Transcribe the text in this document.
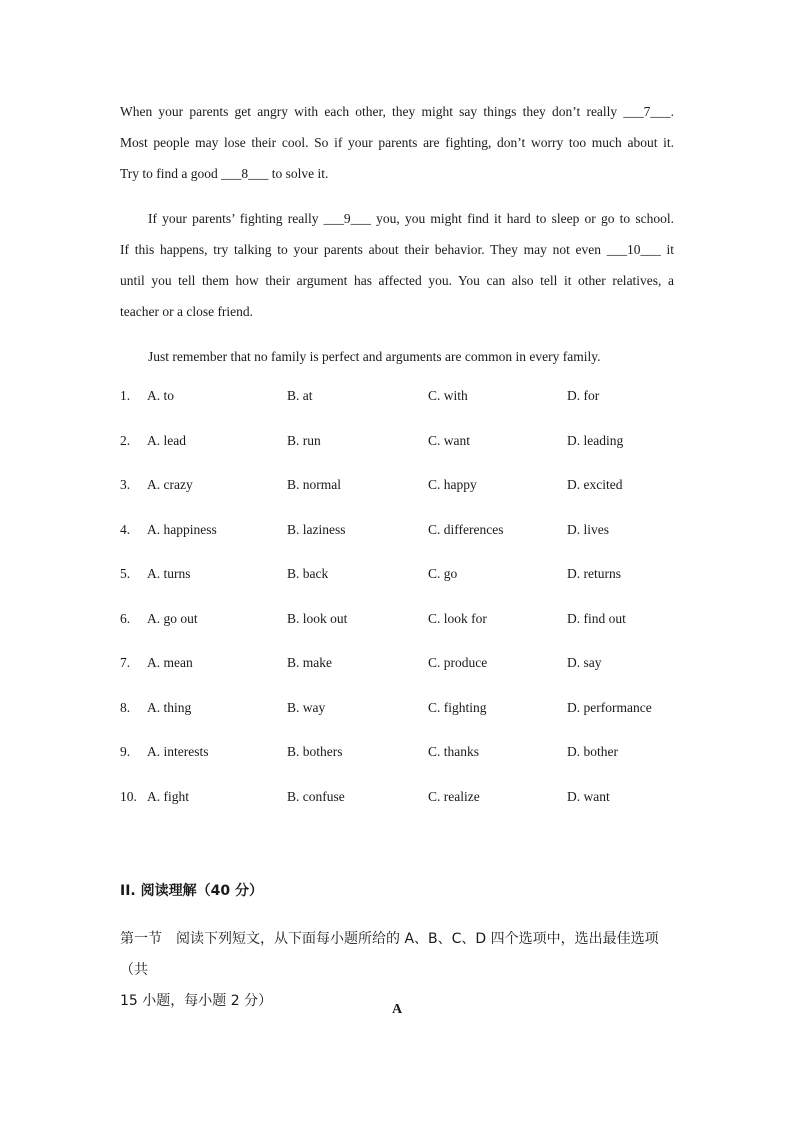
When your parents get angry with each other, they might say things they don’t really ___7___.
Most people may lose their cool. So if your parents are fighting, don’t worry too much about it.
Try to find a good ___8___ to solve it.
If your parents’ fighting really ___9___ you, you might find it hard to sleep or go to school.
If this happens, try talking to your parents about their behavior. They may not even ___10___ it
until you tell them how their argument has affected you. You can also tell it other relatives, a
teacher or a close friend.
Just remember that no family is perfect and arguments are common in every family.
1. A. to	B. at	C. with	D. for
2. A. lead	B. run	C. want	D. leading
3. A. crazy	B. normal	C. happy	D. excited
4. A. happiness	B. laziness	C. differences	D. lives
5. A. turns	B. back	C. go	D. returns
6. A. go out	B. look out	C. look for	D. find out
7. A. mean	B. make	C. produce	D. say
8. A. thing	B. way	C. fighting	D. performance
9. A. interests	B. bothers	C. thanks	D. bother
10. A. fight	B. confuse	C. realize	D. want
II. 阅读理解（40 分）
第一节　阅读下列短文，从下面每小题所给的 A、B、C、D 四个选项中，选出最佳选项（共
15 小题，每小题 2 分）
A
